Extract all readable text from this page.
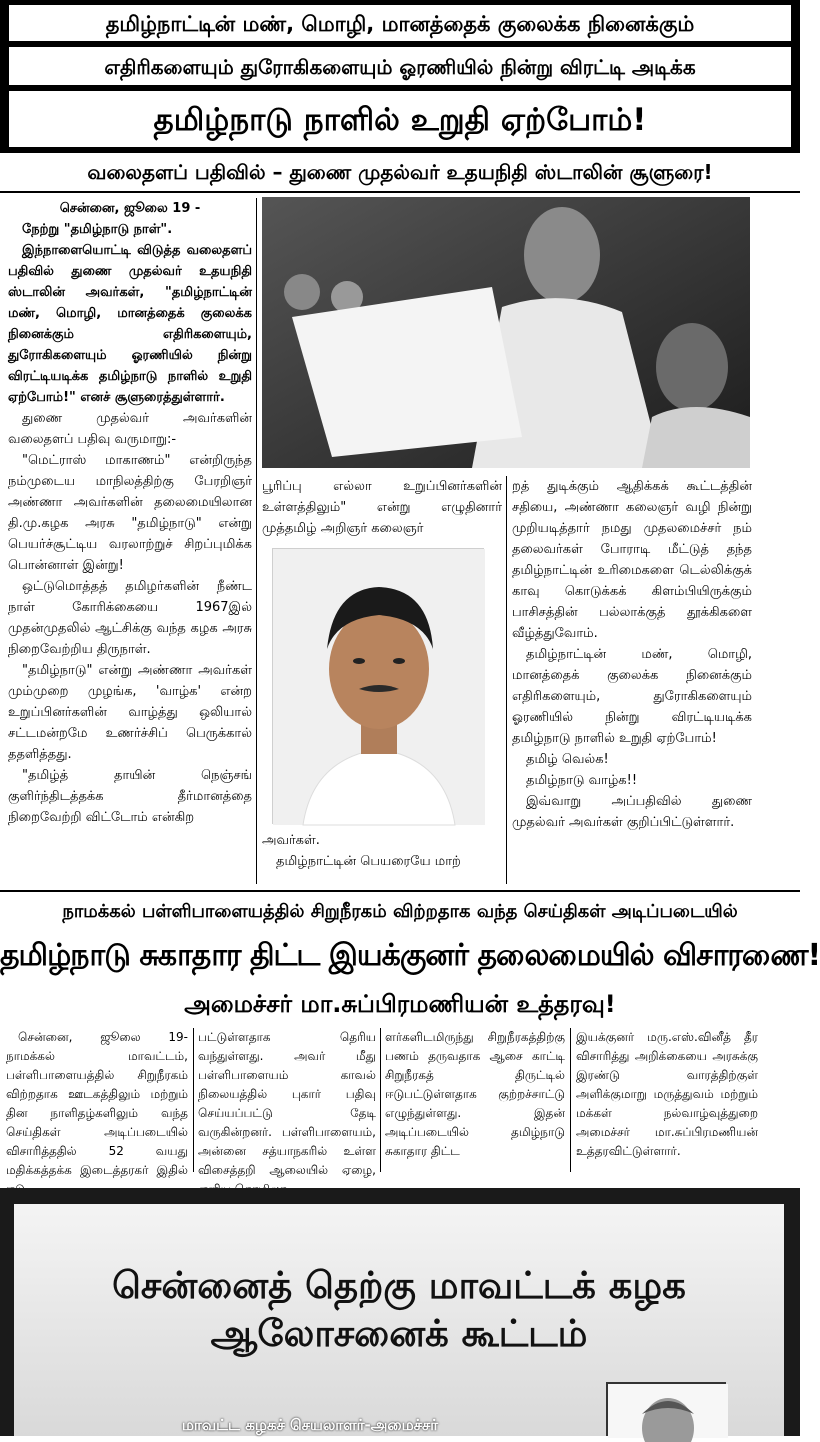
தமிழ்நாட்டின் மண், மொழி, மானத்தைக் குலைக்க நினைக்கும்
எதிரிகளையும் துரோகிகளையும் ஓரணியில் நின்று விரட்டி அடிக்க
தமிழ்நாடு நாளில் உறுதி ஏற்போம்!
வலைதளப் பதிவில் – துணை முதல்வர் உதயநிதி ஸ்டாலின் சூளுரை!

சென்னை, ஜூலை 19 -

நேற்று "தமிழ்நாடு நாள்".

இந்நாளையொட்டி விடுத்த வலைதளப் பதிவில் துணை முதல்வர் உதயநிதி ஸ்டாலின் அவர்கள், "தமிழ்நாட்டின் மண், மொழி, மானத்தைக் குலைக்க நினைக்கும் எதிரிகளையும், துரோகிகளையும் ஓரணியில் நின்று விரட்டியடிக்க தமிழ்நாடு நாளில் உறுதி ஏற்போம்!" எனச் சூளுரைத்துள்ளார்.

துணை முதல்வர் அவர்களின் வலைதளப் பதிவு வருமாறு:-

"மெட்ராஸ் மாகாணம்" என்றிருந்த நம்முடைய மாநிலத்திற்கு பேரறிஞர் அண்ணா அவர்களின் தலைமையிலான தி.மு.கழக அரசு "தமிழ்நாடு" என்று பெயர்ச்சூட்டிய வரலாற்றுச் சிறப்புமிக்க பொன்னாள் இன்று!

ஒட்டுமொத்தத் தமிழர்களின் நீண்ட நாள் கோரிக்கையை 1967இல் முதன்முதலில் ஆட்சிக்கு வந்த கழக அரசு நிறைவேற்றிய திருநாள்.

"தமிழ்நாடு" என்று அண்ணா அவர்கள் மும்முறை முழங்க, 'வாழ்க' என்ற உறுப்பினர்களின் வாழ்த்து ஒலியால் சட்டமன்றமே உணர்ச்சிப் பெருக்கால் ததளித்தது.

"தமிழ்த் தாயின் நெஞ்சங் குளிர்ந்திடத்தக்க தீர்மானத்தை நிறைவேற்றி விட்டோம் என்கிற

பூரிப்பு எல்லா உறுப்பினர்களின் உள்ளத்திலும்" என்று எழுதினார் முத்தமிழ் அறிஞர் கலைஞர்

அவர்கள்.

தமிழ்நாட்டின் பெயரையே மாற்

றத் துடிக்கும் ஆதிக்கக் கூட்டத்தின் சதியை, அண்ணா கலைஞர் வழி நின்று முறியடித்தார் நமது முதலமைச்சர் நம் தலைவர்கள் போராடி மீட்டுத் தந்த தமிழ்நாட்டின் உரிமைகளை டெல்லிக்குக் காவு கொடுக்கக் கிளம்பியிருக்கும் பாசிசத்தின் பல்லாக்குத் தூக்கிகளை வீழ்த்துவோம்.

தமிழ்நாட்டின் மண், மொழி, மானத்தைக் குலைக்க நினைக்கும் எதிரிகளையும், துரோகிகளையும் ஓரணியில் நின்று விரட்டியடிக்க தமிழ்நாடு நாளில் உறுதி ஏற்போம்!

தமிழ் வெல்க!

தமிழ்நாடு வாழ்க!!

இவ்வாறு அப்பதிவில் துணை முதல்வர் அவர்கள் குறிப்பிட்டுள்ளார்.

நாமக்கல் பள்ளிபாளையத்தில் சிறுநீரகம் விற்றதாக வந்த செய்திகள் அடிப்படையில்
தமிழ்நாடு சுகாதார திட்ட இயக்குனர் தலைமையில் விசாரணை!
அமைச்சர் மா.சுப்பிரமணியன் உத்தரவு!

சென்னை, ஜூலை 19- நாமக்கல் மாவட்டம், பள்ளிபாளையத்தில் சிறுநீரகம் விற்றதாக ஊடகத்திலும் மற்றும் தின நாளிதழ்களிலும் வந்த செய்திகள் அடிப்படையில் விசாரித்ததில் 52 வயது மதிக்கத்தக்க இடைத்தரகர் இதில்

பட்டுள்ளதாக தெரிய வந்துள்ளது. அவர் மீது பள்ளிபாளையம் காவல் நிலையத்தில் புகார் பதிவு செய்யப்பட்டு தேடி வருகின்றனர். பள்ளிபாளையம், அன்னை சத்யாநகரில் உள்ள விசைத்தறி ஆலையில் ஏழை,

ளர்களிடமிருந்து சிறுநீரகத்திற்கு பணம் தருவதாக ஆசை காட்டி சிறுநீரகத் திருட்டில் ஈடுபட்டுள்ளதாக குற்றச்சாட்டு எழுந்துள்ளது. இதன் அடிப்படையில் தமிழ்நாடு சுகாதார திட்ட

இயக்குனர் மரு.எஸ்.வினீத் தீர விசாரித்து அறிக்கையை அரசுக்கு இரண்டு வாரத்திற்குள் அளிக்குமாறு மருத்துவம் மற்றும் மக்கள் நல்வாழ்வுத்துறை அமைச்சர் மா.சுப்பிரமணியன் உத்தரவிட்டுள்ளார்.

சென்னைத் தெற்கு மாவட்டக் கழக
ஆலோசனைக் கூட்டம்
மாவட்ட கழகச் செயலாளர்-அமைச்சர்
